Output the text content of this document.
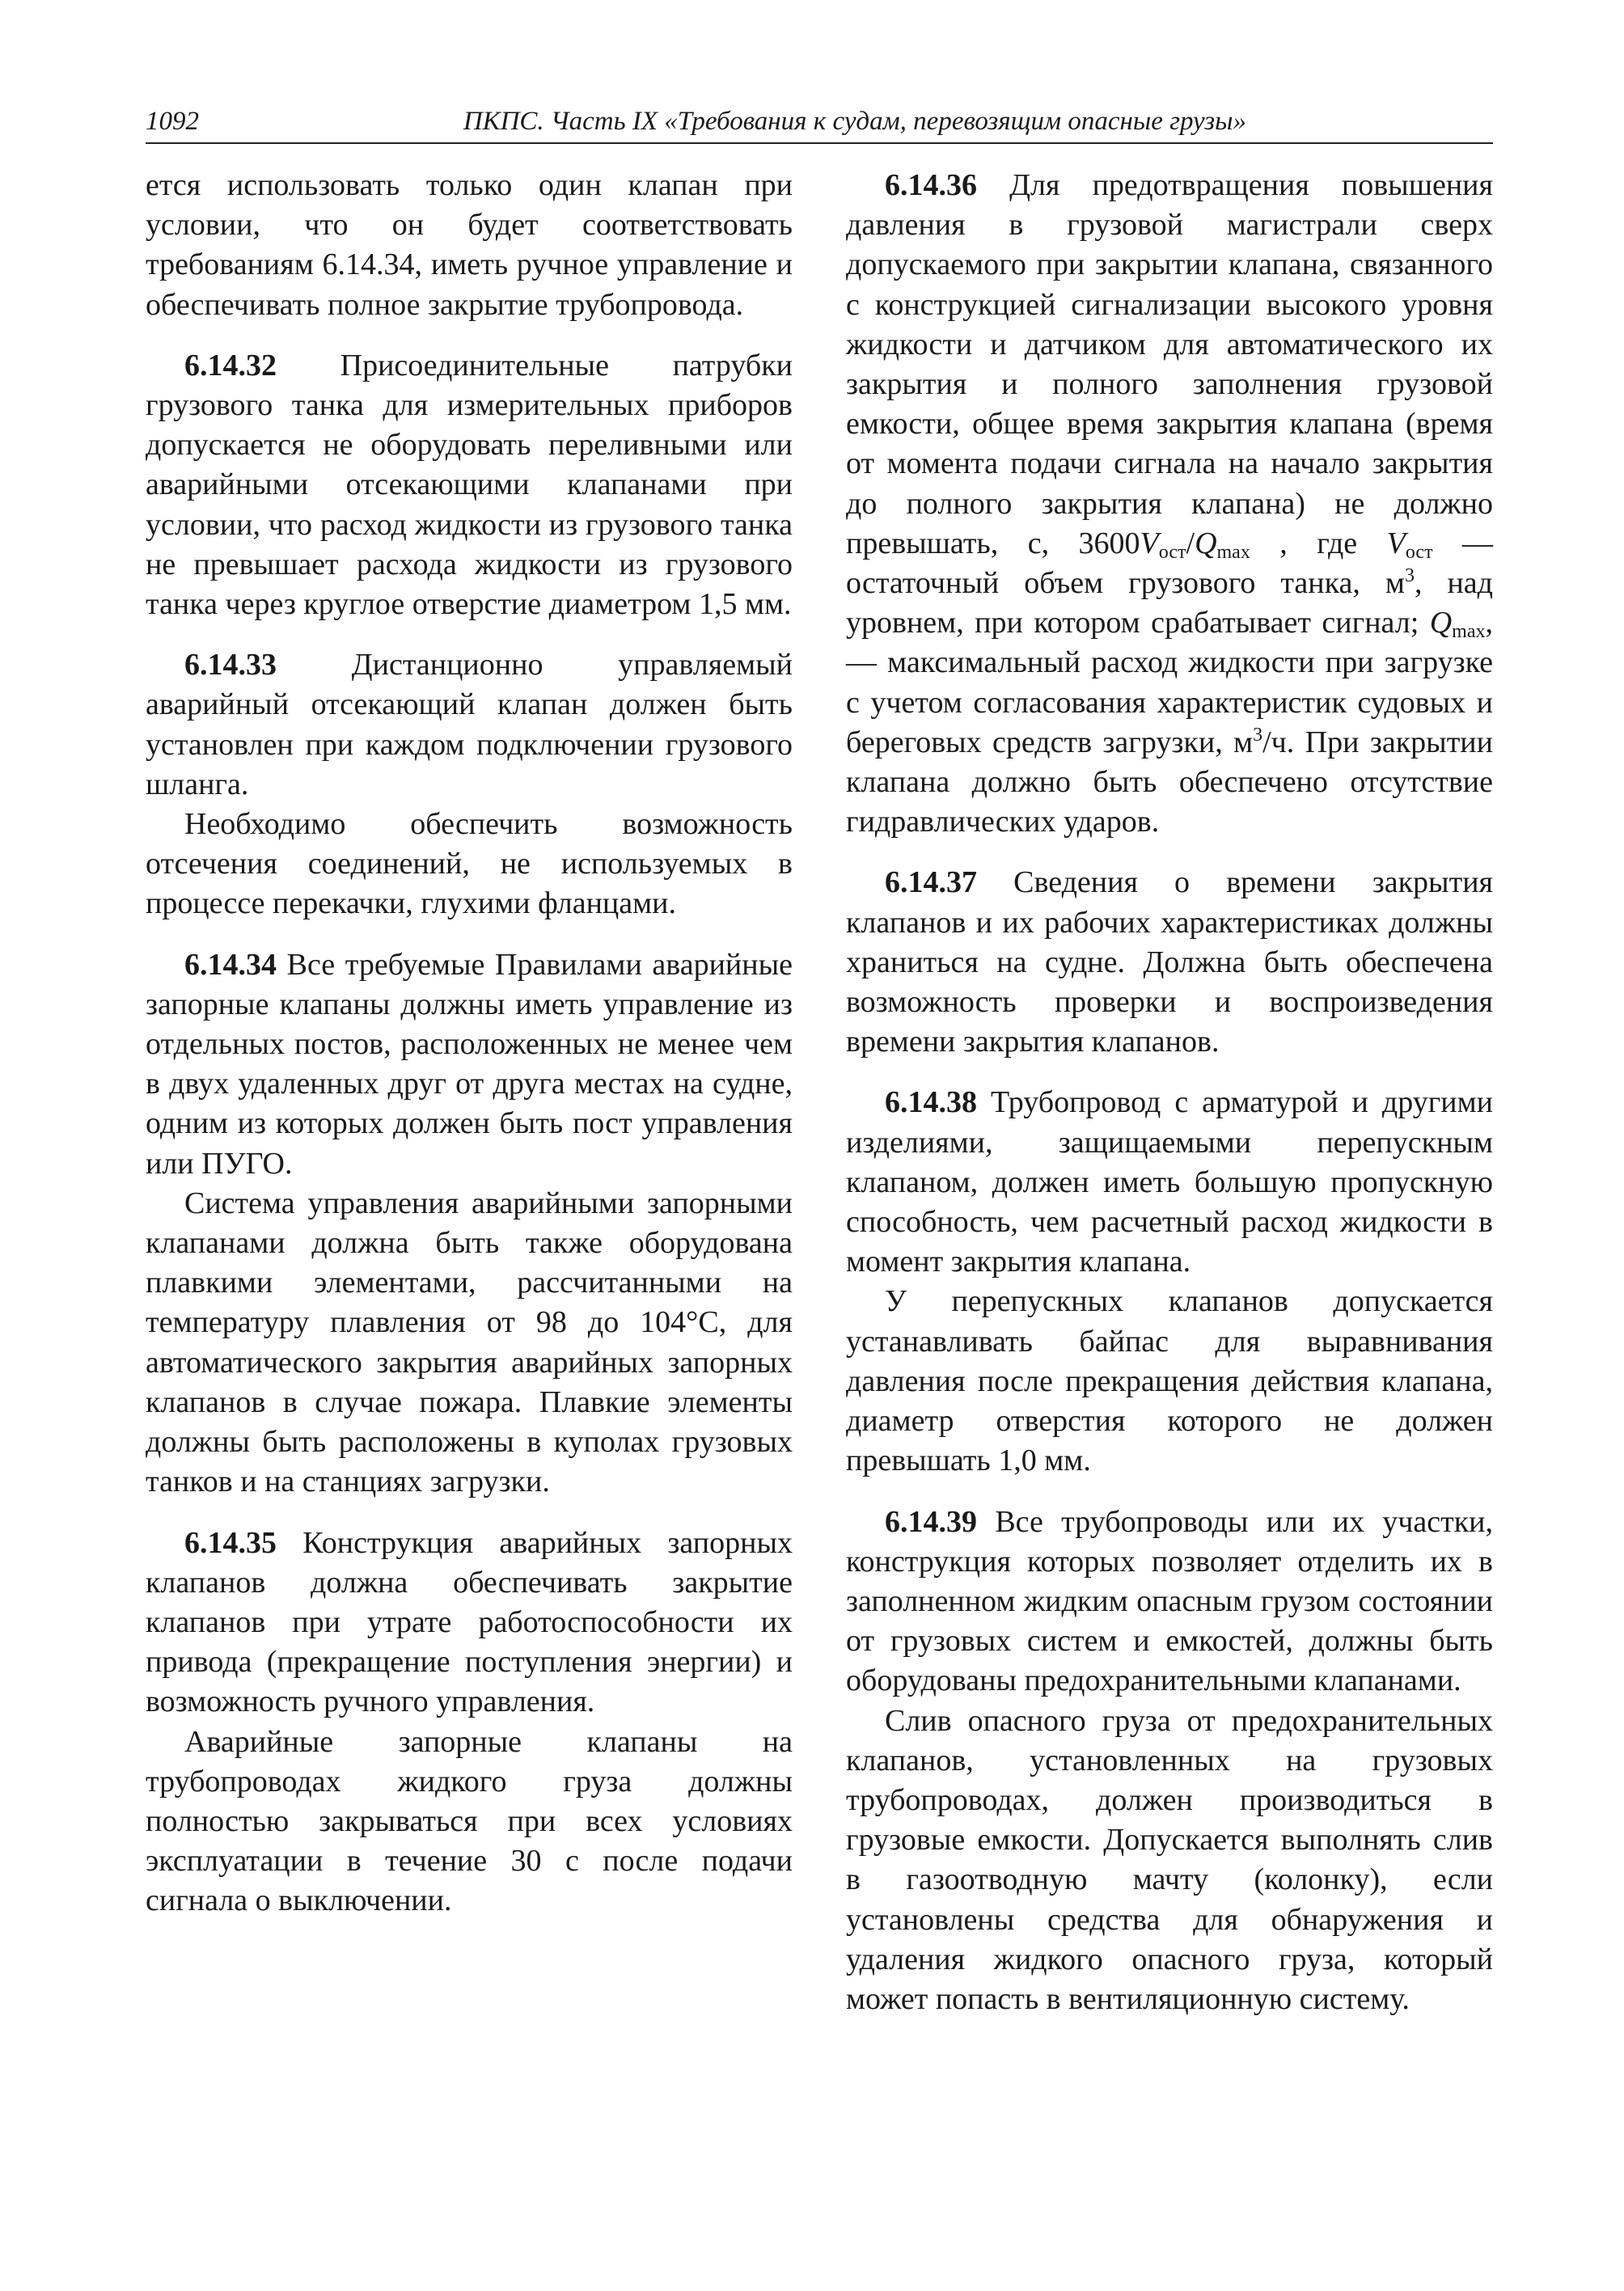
1092	ПКПС. Часть IX «Требования к судам, перевозящим опасные грузы»

ется использовать только один клапан при условии, что он будет соответствовать требованиям 6.14.34, иметь ручное управление и обеспечивать полное закрытие трубопровода.

6.14.32 Присоединительные патрубки грузового танка для измерительных приборов допускается не оборудовать переливными или аварийными отсекающими клапанами при условии, что расход жидкости из грузового танка не превышает расхода жидкости из грузового танка через круглое отверстие диаметром 1,5 мм.

6.14.33 Дистанционно управляемый аварийный отсекающий клапан должен быть установлен при каждом подключении грузового шланга.

Необходимо обеспечить возможность отсечения соединений, не используемых в процессе перекачки, глухими фланцами.

6.14.34 Все требуемые Правилами аварийные запорные клапаны должны иметь управление из отдельных постов, расположенных не менее чем в двух удаленных друг от друга местах на судне, одним из которых должен быть пост управления или ПУГО.

Система управления аварийными запорными клапанами должна быть также оборудована плавкими элементами, рассчитанными на температуру плавления от 98 до 104°C, для автоматического закрытия аварийных запорных клапанов в случае пожара. Плавкие элементы должны быть расположены в куполах грузовых танков и на станциях загрузки.

6.14.35 Конструкция аварийных запорных клапанов должна обеспечивать закрытие клапанов при утрате работоспособности их привода (прекращение поступления энергии) и возможность ручного управления.

Аварийные запорные клапаны на трубопроводах жидкого груза должны полностью закрываться при всех условиях эксплуатации в течение 30 с после подачи сигнала о выключении.

6.14.36 Для предотвращения повышения давления в грузовой магистрали сверх допускаемого при закрытии клапана, связанного с конструкцией сигнализации высокого уровня жидкости и датчиком для автоматического их закрытия и полного заполнения грузовой емкости, общее время закрытия клапана (время от момента подачи сигнала на начало закрытия до полного закрытия клапана) не должно превышать, с, $3600V_{ост}/Q_{max}$ , где $V_{ост}$ — остаточный объем грузового танка, $м^3$, над уровнем, при котором срабатывает сигнал; $Q_{max}$, — максимальный расход жидкости при загрузке с учетом согласования характеристик судовых и береговых средств загрузки, $м^3/ч$. При закрытии клапана должно быть обеспечено отсутствие гидравлических ударов.

6.14.37 Сведения о времени закрытия клапанов и их рабочих характеристиках должны храниться на судне. Должна быть обеспечена возможность проверки и воспроизведения времени закрытия клапанов.

6.14.38 Трубопровод с арматурой и другими изделиями, защищаемыми перепускным клапаном, должен иметь большую пропускную способность, чем расчетный расход жидкости в момент закрытия клапана.

У перепускных клапанов допускается устанавливать байпас для выравнивания давления после прекращения действия клапана, диаметр отверстия которого не должен превышать 1,0 мм.

6.14.39 Все трубопроводы или их участки, конструкция которых позволяет отделить их в заполненном жидким опасным грузом состоянии от грузовых систем и емкостей, должны быть оборудованы предохранительными клапанами.

Слив опасного груза от предохранительных клапанов, установленных на грузовых трубопроводах, должен производиться в грузовые емкости. Допускается выполнять слив в газоотводную мачту (колонку), если установлены средства для обнаружения и удаления жидкого опасного груза, который может попасть в вентиляционную систему.
